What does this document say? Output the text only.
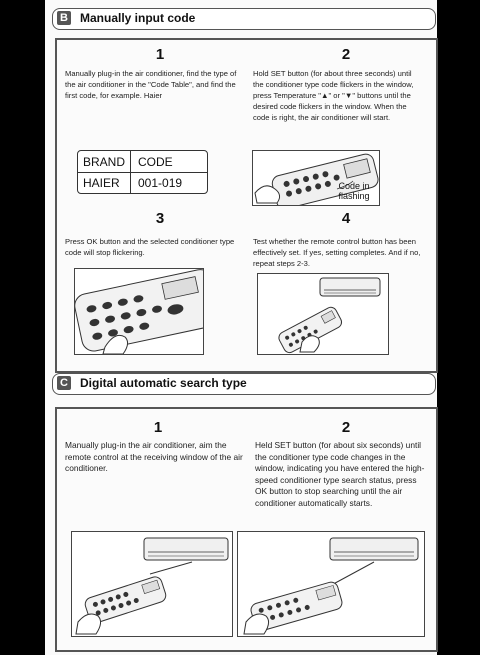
B Manually input code
1	2
Manually plug-in the air conditioner, find the type of the air conditioner in the "Code Table", and find the first code, for example. Haier
Hold SET button (for about three seconds) until the conditioner type code flickers in the window, press Temperature "▲" or "▼" buttons until the desired code flickers in the window. When the code is right, the air conditioner will start.
BRAND CODE
HAIER 001-019	Code in
flashing
3	4
Press OK button and the selected conditioner type code will stop flickering.
Test whether the remote control button has been effectively set. If yes, setting completes. And if no, repeat steps 2-3.
C Digital automatic search type
1	2
Manually plug-in the air conditioner, aim the remote control at the receiving window of the air conditioner.
Held SET button (for about six seconds) until the conditioner type code changes in the window, indicating you have entered the high-speed conditioner type search status, press OK button to stop searching until the air conditioner automatically starts.
